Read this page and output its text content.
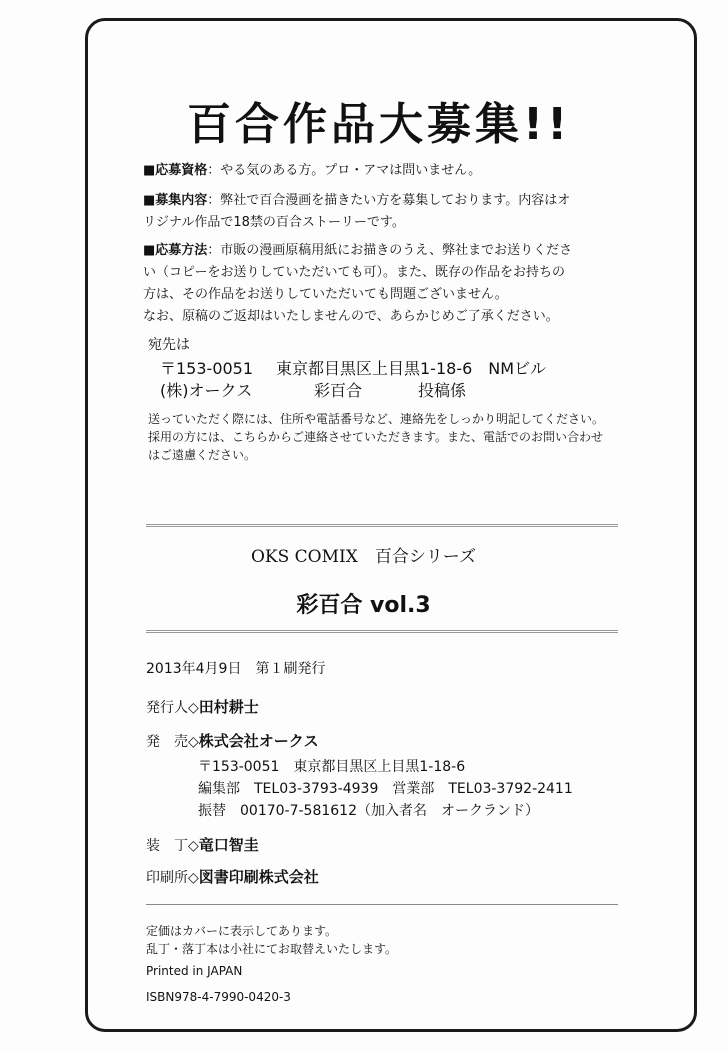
百合作品大募集!!
■応募資格：やる気のある方。プロ・アマは問いません。
■募集内容：弊社で百合漫画を描きたい方を募集しております。内容はオ
リジナル作品で18禁の百合ストーリーです。
■応募方法：市販の漫画原稿用紙にお描きのうえ、弊社までお送りくださ
い（コピーをお送りしていただいても可）。また、既存の作品をお持ちの
方は、その作品をお送りしていただいても問題ございません。
なお、原稿のご返却はいたしませんので、あらかじめご了承ください。
宛先は
〒153-0051 東京都目黒区上目黒1-18-6　NMビル
(株)オークス	彩百合	投稿係
送っていただく際には、住所や電話番号など、連絡先をしっかり明記してください。
採用の方には、こちらからご連絡させていただきます。また、電話でのお問い合わせ
はご遠慮ください。
OKS COMIX　百合シリーズ
彩百合 vol.3
2013年4月9日　第１刷発行
発行人◇田村耕士
発　売◇株式会社オークス
〒153-0051　東京都目黒区上目黒1-18-6
編集部　TEL03-3793-4939　営業部　TEL03-3792-2411
振替　00170-7-581612（加入者名　オークランド）
装　丁◇竜口智圭
印刷所◇図書印刷株式会社
定価はカバーに表示してあります。
乱丁・落丁本は小社にてお取替えいたします。
Printed in JAPAN
ISBN978-4-7990-0420-3
